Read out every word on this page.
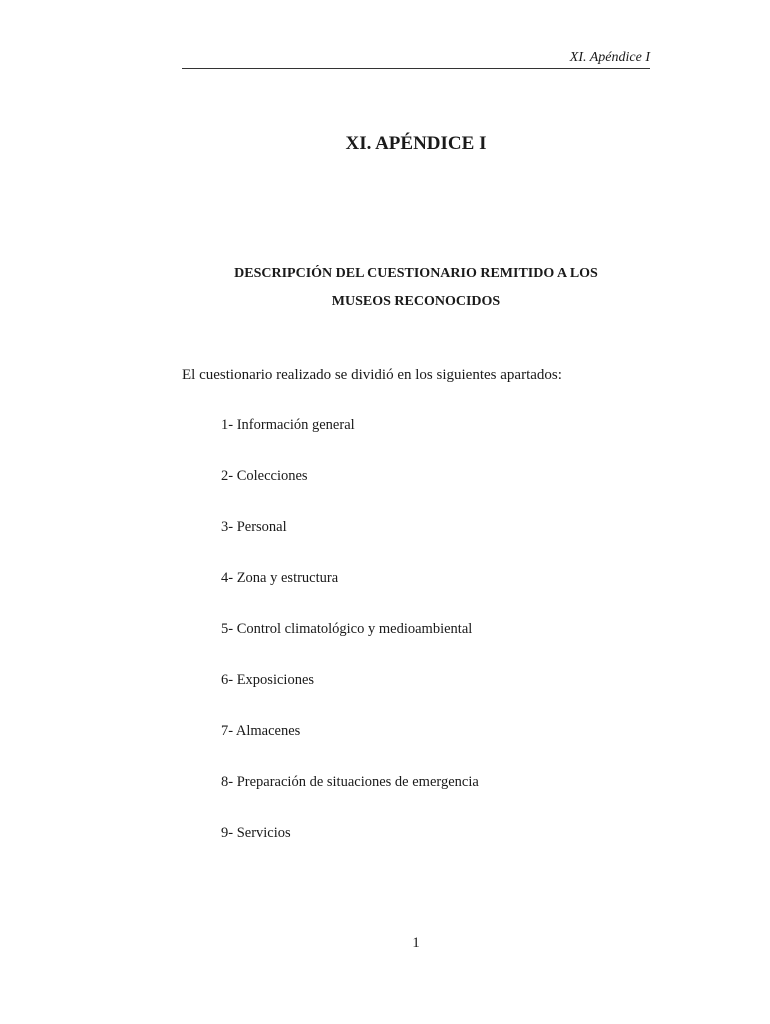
XI. Apéndice I
XI. APÉNDICE I
DESCRIPCIÓN DEL CUESTIONARIO REMITIDO A LOS
MUSEOS RECONOCIDOS
El cuestionario realizado se dividió en los siguientes apartados:
1- Información general
2- Colecciones
3- Personal
4- Zona y estructura
5- Control climatológico y medioambiental
6- Exposiciones
7- Almacenes
8- Preparación de situaciones de emergencia
9- Servicios
1
